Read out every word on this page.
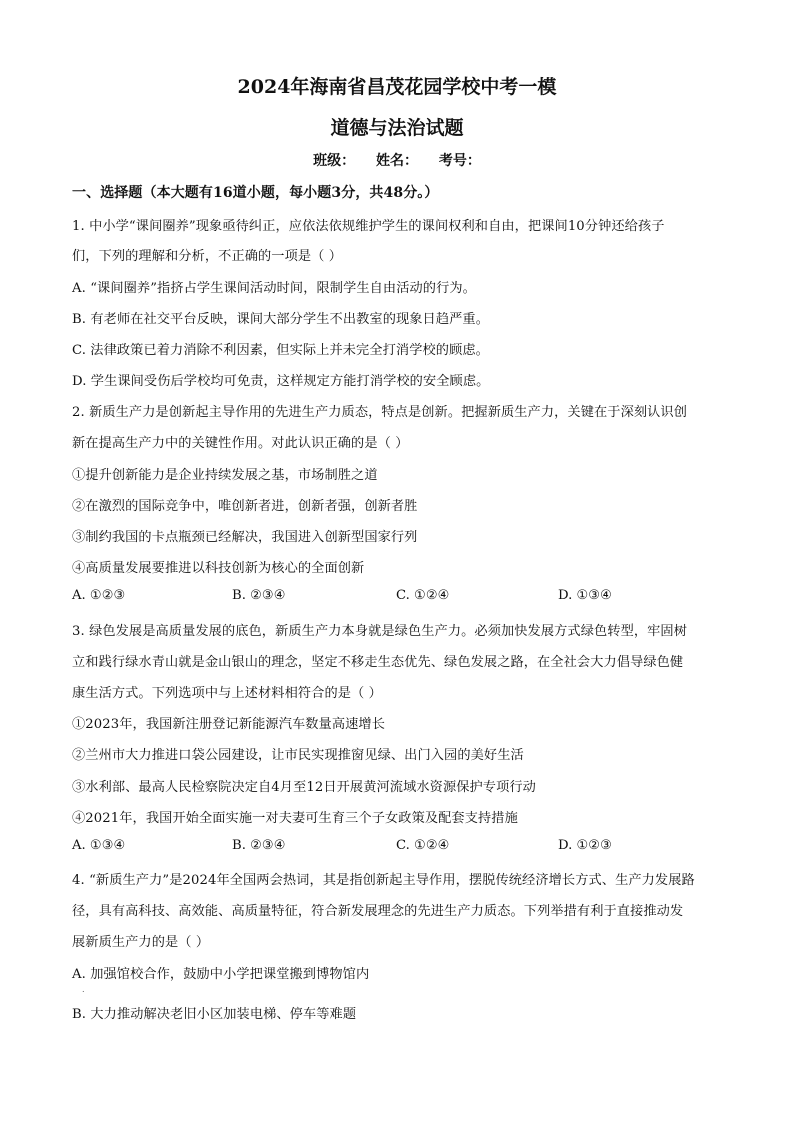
2024年海南省昌茂花园学校中考一模
道德与法治试题
班级： 姓名： 考号：
一、选择题（本大题有16道小题，每小题3分，共48分。）
1. 中小学“课间圈养”现象亟待纠正，应依法依规维护学生的课间权利和自由，把课间10分钟还给孩子
们，下列的理解和分析，不正确的一项是（ ）
A. “课间圈养”指挤占学生课间活动时间，限制学生自由活动的行为。
B. 有老师在社交平台反映，课间大部分学生不出教室的现象日趋严重。
C. 法律政策已着力消除不利因素，但实际上并未完全打消学校的顾虑。
D. 学生课间受伤后学校均可免责，这样规定方能打消学校的安全顾虑。
2. 新质生产力是创新起主导作用的先进生产力质态，特点是创新。把握新质生产力，关键在于深刻认识创
新在提高生产力中的关键性作用。对此认识正确的是（ ）
①提升创新能力是企业持续发展之基，市场制胜之道
②在激烈的国际竞争中，唯创新者进，创新者强，创新者胜
③制约我国的卡点瓶颈已经解决，我国进入创新型国家行列
④高质量发展要推进以科技创新为核心的全面创新
A. ①②③	B. ②③④	C. ①②④	D. ①③④
3. 绿色发展是高质量发展的底色，新质生产力本身就是绿色生产力。必须加快发展方式绿色转型，牢固树
立和践行绿水青山就是金山银山的理念，坚定不移走生态优先、绿色发展之路，在全社会大力倡导绿色健
康生活方式。下列选项中与上述材料相符合的是（ ）
①2023年，我国新注册登记新能源汽车数量高速增长
②兰州市大力推进口袋公园建设，让市民实现推窗见绿、出门入园的美好生活
③水利部、最高人民检察院决定自4月至12日开展黄河流域水资源保护专项行动
④2021年，我国开始全面实施一对夫妻可生育三个子女政策及配套支持措施
A. ①③④	B. ②③④	C. ①②④	D. ①②③
4. “新质生产力”是2024年全国两会热词，其是指创新起主导作用，摆脱传统经济增长方式、生产力发展路
径，具有高科技、高效能、高质量特征，符合新发展理念的先进生产力质态。下列举措有利于直接推动发
展新质生产力的是（ ）
A. 加强馆校合作，鼓励中小学把课堂搬到博物馆内
.
B. 大力推动解决老旧小区加装电梯、停车等难题
